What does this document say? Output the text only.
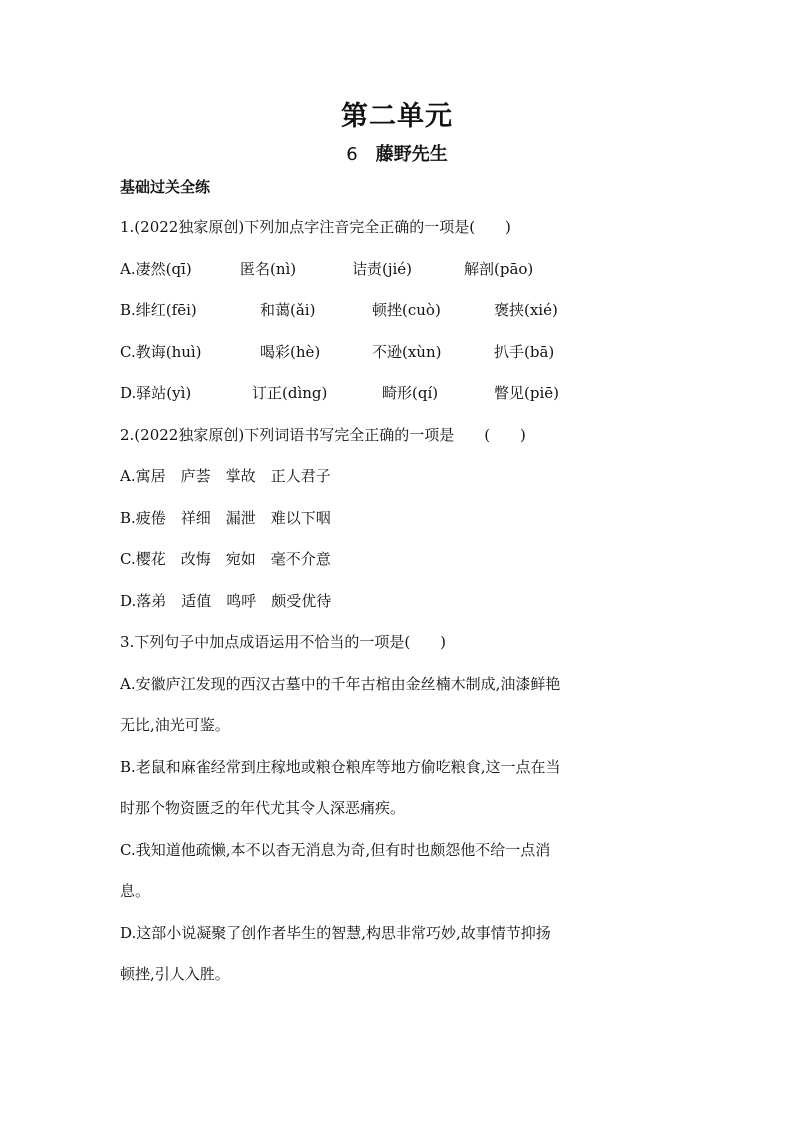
第二单元
6 藤野先生
基础过关全练
1.(2022独家原创)下列加点字注音完全正确的一项是(　　)
A.凄然(qī)	匿名(nì)	诘责(jié)	解剖(pāo)
B.绯红(fēi)	和蔼(ǎi)	顿挫(cuò)	褒挟(xié)
C.教诲(huì)	喝彩(hè)	不逊(xùn)	扒手(bā)
D.驿站(yì)	订正(dìng)	畸形(qí)	瞥见(piē)
2.(2022独家原创)下列词语书写完全正确的一项是　　(　　)
A.寓居　庐荟　掌故　正人君子
B.疲倦　祥细　漏泄　难以下咽
C.樱花　改悔　宛如　毫不介意
D.落弟　适值　鸣呼　颇受优待
3.下列句子中加点成语运用不恰当的一项是(　　)
A.安徽庐江发现的西汉古墓中的千年古棺由金丝楠木制成,油漆鲜艳
无比,油光可鉴。
B.老鼠和麻雀经常到庄稼地或粮仓粮库等地方偷吃粮食,这一点在当
时那个物资匮乏的年代尤其令人深恶痛疾。
C.我知道他疏懒,本不以杳无消息为奇,但有时也颇怨他不给一点消
息。
D.这部小说凝聚了创作者毕生的智慧,构思非常巧妙,故事情节抑扬
顿挫,引人入胜。
